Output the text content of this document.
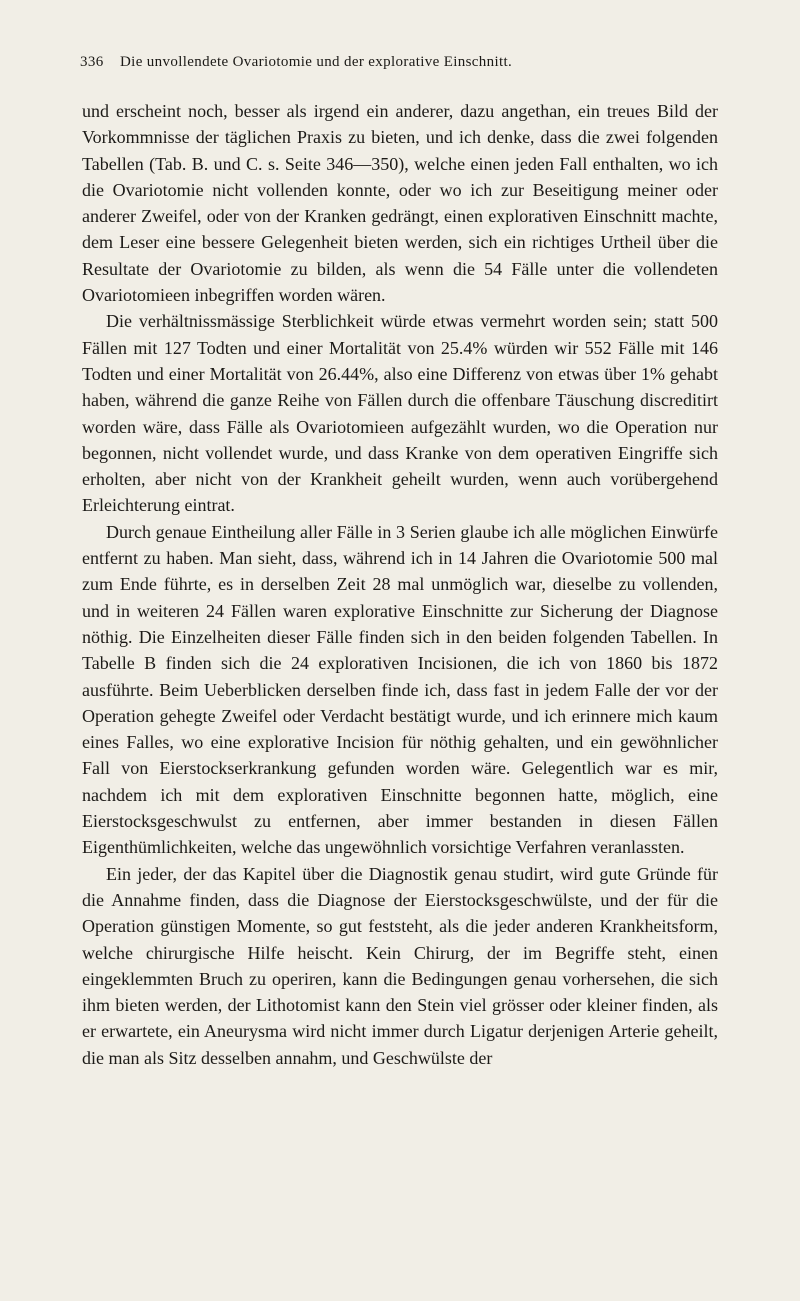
336 Die unvollendete Ovariotomie und der explorative Einschnitt.

und erscheint noch, besser als irgend ein anderer, dazu angethan, ein treues Bild der Vorkommnisse der täglichen Praxis zu bieten, und ich denke, dass die zwei folgenden Tabellen (Tab. B. und C. s. Seite 346—350), welche einen jeden Fall enthalten, wo ich die Ovariotomie nicht vollenden konnte, oder wo ich zur Beseitigung meiner oder anderer Zweifel, oder von der Kranken gedrängt, einen explorativen Einschnitt machte, dem Leser eine bessere Gelegenheit bieten werden, sich ein richtiges Urtheil über die Resultate der Ovariotomie zu bilden, als wenn die 54 Fälle unter die vollendeten Ovariotomieen inbegriffen worden wären.

Die verhältnissmässige Sterblichkeit würde etwas vermehrt worden sein; statt 500 Fällen mit 127 Todten und einer Mortalität von 25.4% würden wir 552 Fälle mit 146 Todten und einer Mortalität von 26.44%, also eine Differenz von etwas über 1% gehabt haben, während die ganze Reihe von Fällen durch die offenbare Täuschung discreditirt worden wäre, dass Fälle als Ovariotomieen aufgezählt wurden, wo die Operation nur begonnen, nicht vollendet wurde, und dass Kranke von dem operativen Eingriffe sich erholten, aber nicht von der Krankheit geheilt wurden, wenn auch vorübergehend Erleichterung eintrat.

Durch genaue Eintheilung aller Fälle in 3 Serien glaube ich alle möglichen Einwürfe entfernt zu haben. Man sieht, dass, während ich in 14 Jahren die Ovariotomie 500 mal zum Ende führte, es in derselben Zeit 28 mal unmöglich war, dieselbe zu vollenden, und in weiteren 24 Fällen waren explorative Einschnitte zur Sicherung der Diagnose nöthig. Die Einzelheiten dieser Fälle finden sich in den beiden folgenden Tabellen. In Tabelle B finden sich die 24 explorativen Incisionen, die ich von 1860 bis 1872 ausführte. Beim Ueberblicken derselben finde ich, dass fast in jedem Falle der vor der Operation gehegte Zweifel oder Verdacht bestätigt wurde, und ich erinnere mich kaum eines Falles, wo eine explorative Incision für nöthig gehalten, und ein gewöhnlicher Fall von Eierstockserkrankung gefunden worden wäre. Gelegentlich war es mir, nachdem ich mit dem explorativen Einschnitte begonnen hatte, möglich, eine Eierstocksgeschwulst zu entfernen, aber immer bestanden in diesen Fällen Eigenthümlichkeiten, welche das ungewöhnlich vorsichtige Verfahren veranlassten.

Ein jeder, der das Kapitel über die Diagnostik genau studirt, wird gute Gründe für die Annahme finden, dass die Diagnose der Eierstocksgeschwülste, und der für die Operation günstigen Momente, so gut feststeht, als die jeder anderen Krankheitsform, welche chirurgische Hilfe heischt. Kein Chirurg, der im Begriffe steht, einen eingeklemmten Bruch zu operiren, kann die Bedingungen genau vorhersehen, die sich ihm bieten werden, der Lithotomist kann den Stein viel grösser oder kleiner finden, als er erwartete, ein Aneurysma wird nicht immer durch Ligatur derjenigen Arterie geheilt, die man als Sitz desselben annahm, und Geschwülste der
